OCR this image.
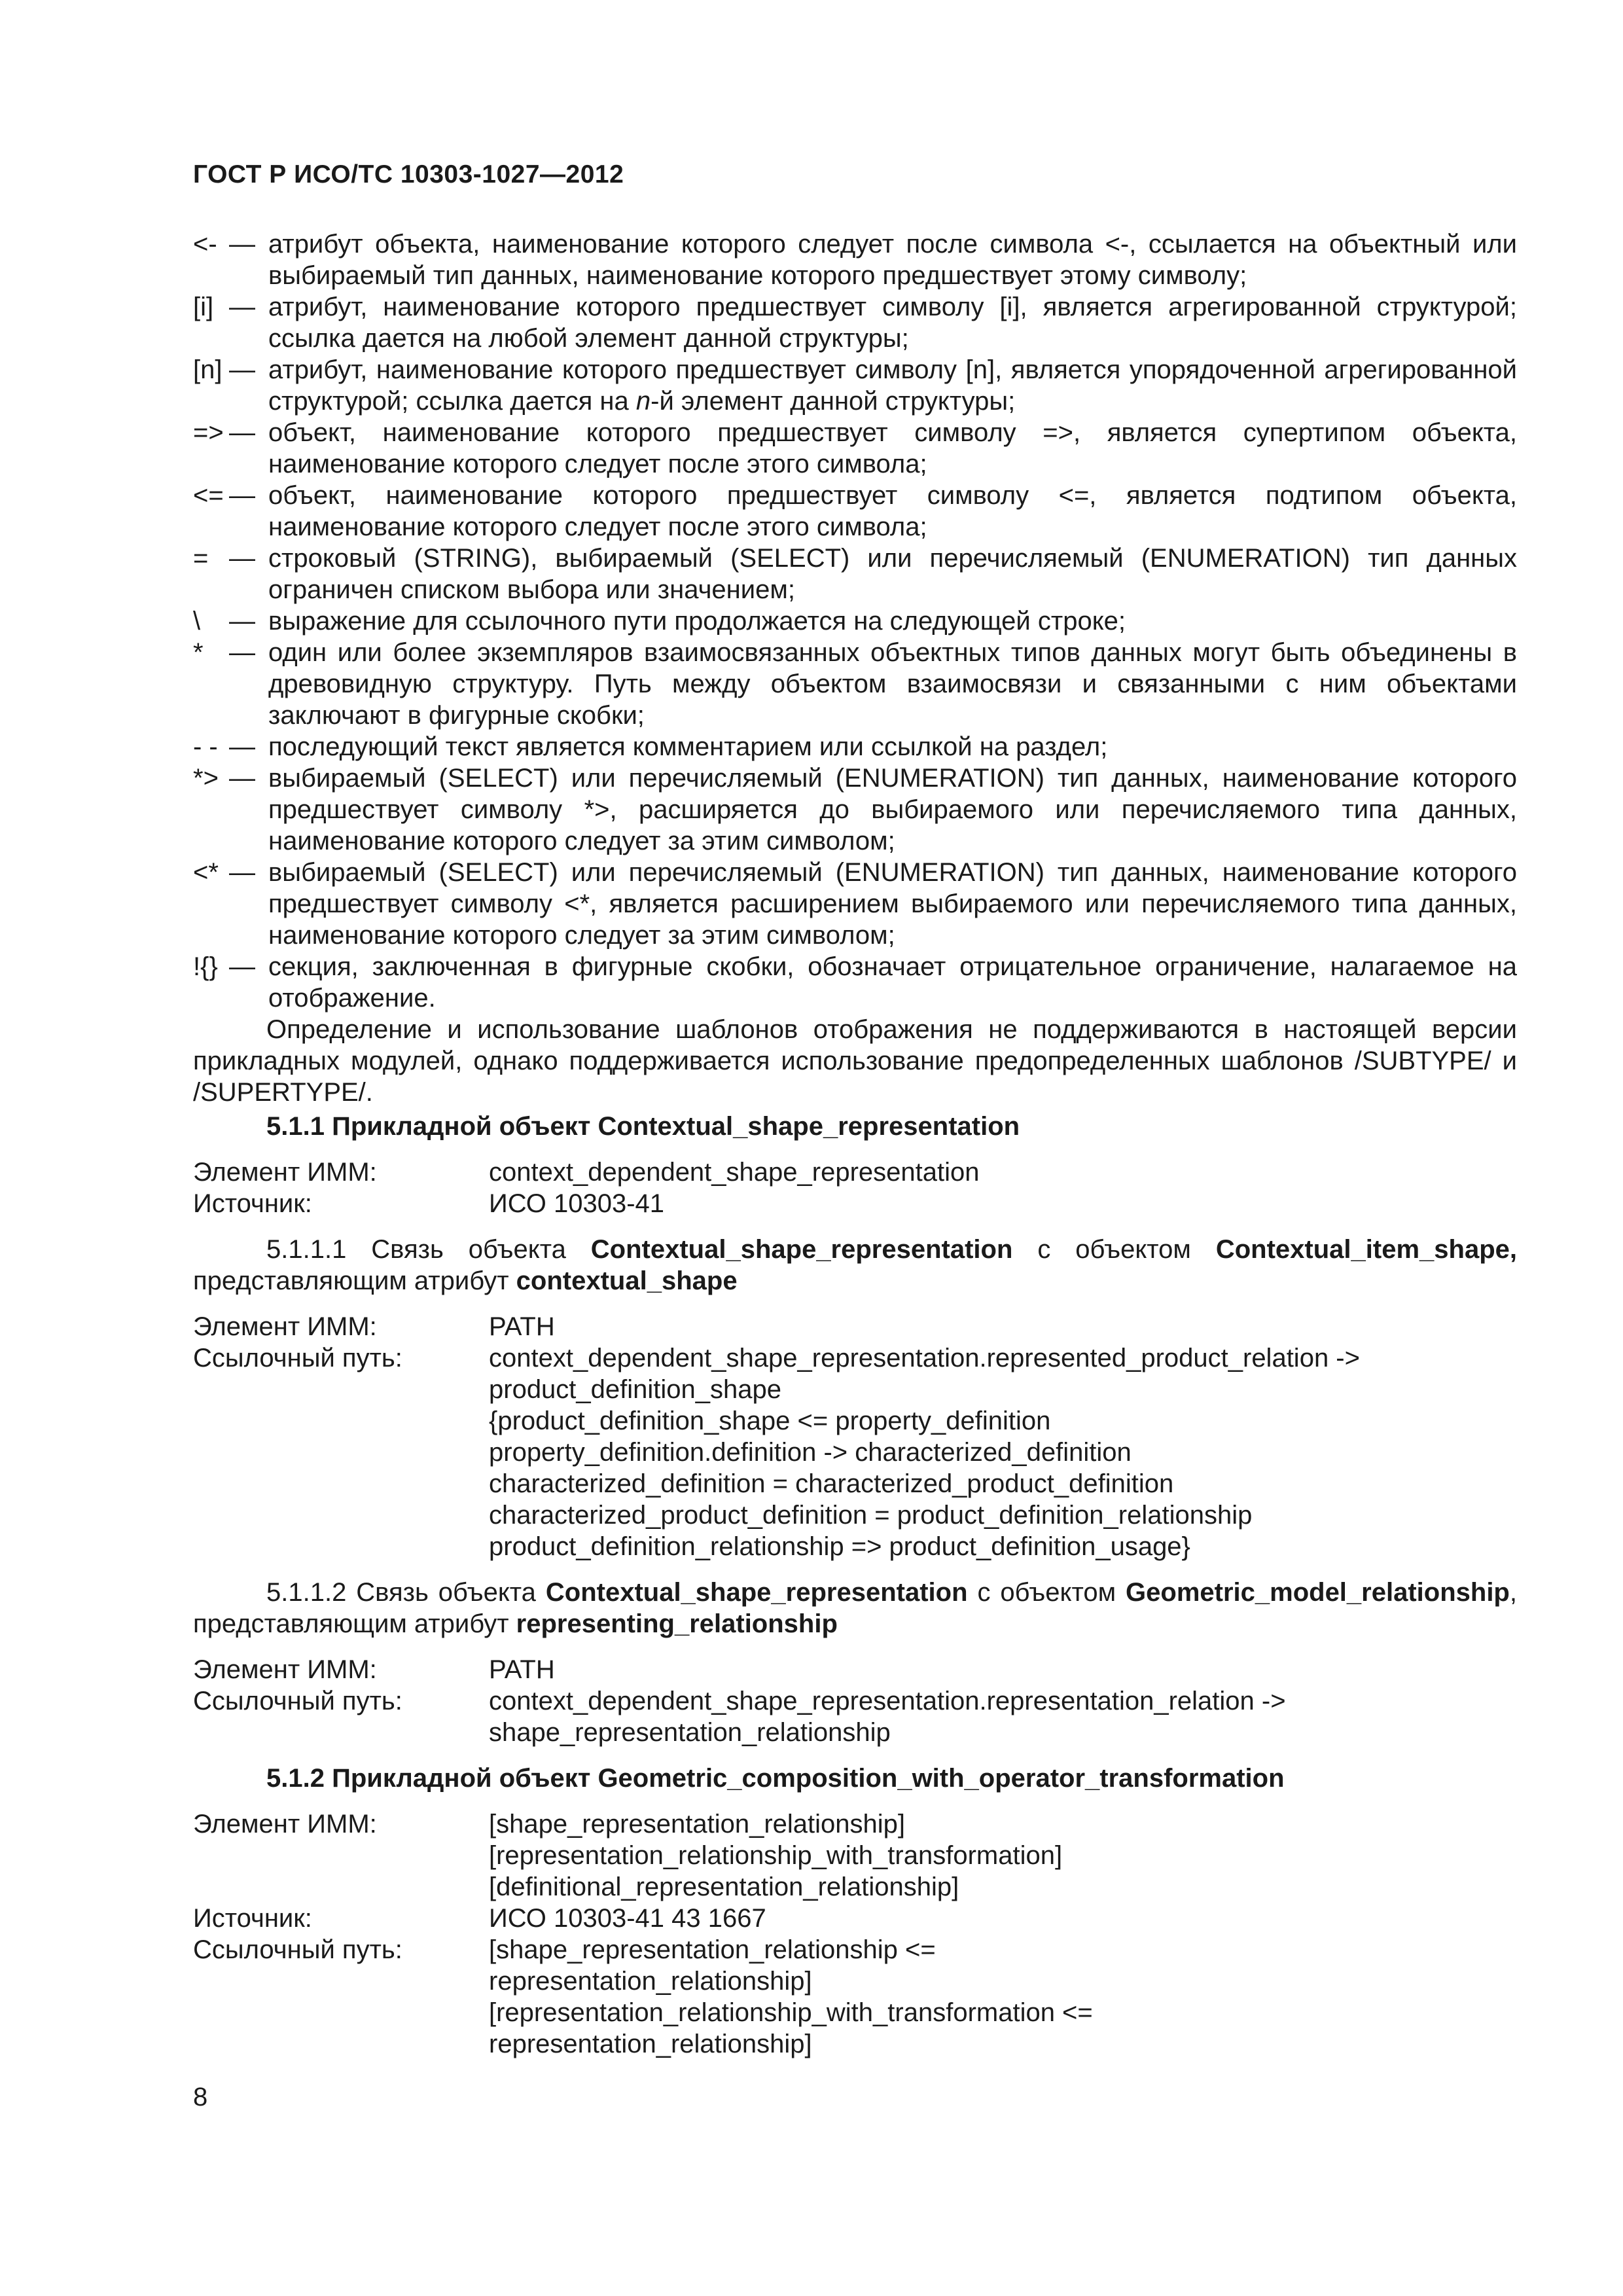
ГОСТ Р ИСО/ТС 10303-1027—2012
<- — атрибут объекта, наименование которого следует после символа <-, ссылается на объектный или выбираемый тип данных, наименование которого предшествует этому символу;
[i] — атрибут, наименование которого предшествует символу [i], является агрегированной структурой; ссылка дается на любой элемент данной структуры;
[n] — атрибут, наименование которого предшествует символу [n], является упорядоченной агрегированной структурой; ссылка дается на n-й элемент данной структуры;
=> — объект, наименование которого предшествует символу =>, является супертипом объекта, наименование которого следует после этого символа;
<= — объект, наименование которого предшествует символу <=, является подтипом объекта, наименование которого следует после этого символа;
= — строковый (STRING), выбираемый (SELECT) или перечисляемый (ENUMERATION) тип данных ограничен списком выбора или значением;
\	— выражение для ссылочного пути продолжается на следующей строке;
* — один или более экземпляров взаимосвязанных объектных типов данных могут быть объединены в древовидную структуру. Путь между объектом взаимосвязи и связанными с ним объектами заключают в фигурные скобки;
- - — последующий текст является комментарием или ссылкой на раздел;
*> — выбираемый (SELECT) или перечисляемый (ENUMERATION) тип данных, наименование которого предшествует символу *>, расширяется до выбираемого или перечисляемого типа данных, наименование которого следует за этим символом;
<* — выбираемый (SELECT) или перечисляемый (ENUMERATION) тип данных, наименование которого предшествует символу <*, является расширением выбираемого или перечисляемого типа данных, наименование которого следует за этим символом;
!{} — секция, заключенная в фигурные скобки, обозначает отрицательное ограничение, налагаемое на отображение.

Определение и использование шаблонов отображения не поддерживаются в настоящей версии прикладных модулей, однако поддерживается использование предопределенных шаблонов /SUBTYPE/ и /SUPERTYPE/.

5.1.1 Прикладной объект Contextual_shape_representation
Элемент ИММ:	context_dependent_shape_representation
Источник:	ИСО 10303-41

5.1.1.1 Связь объекта Contextual_shape_representation с объектом Contextual_item_shape, представляющим атрибут contextual_shape

Элемент ИММ:	PATH
Ссылочный путь:	context_dependent_shape_representation.represented_product_relation ->
product_definition_shape
{product_definition_shape <= property_definition
property_definition.definition -> characterized_definition
characterized_definition = characterized_product_definition
characterized_product_definition = product_definition_relationship
product_definition_relationship => product_definition_usage}

5.1.1.2 Связь объекта Contextual_shape_representation с объектом Geometric_model_relationship, представляющим атрибут representing_relationship

Элемент ИММ:	PATH
Ссылочный путь:	context_dependent_shape_representation.representation_relation ->
shape_representation_relationship
5.1.2 Прикладной объект Geometric_composition_with_operator_transformation
Элемент ИММ:	[shape_representation_relationship]
[representation_relationship_with_transformation]
[definitional_representation_relationship]
Источник:	ИСО 10303-41 43 1667
Ссылочный путь:	[shape_representation_relationship <=
representation_relationship]
[representation_relationship_with_transformation <=
representation_relationship]
8
